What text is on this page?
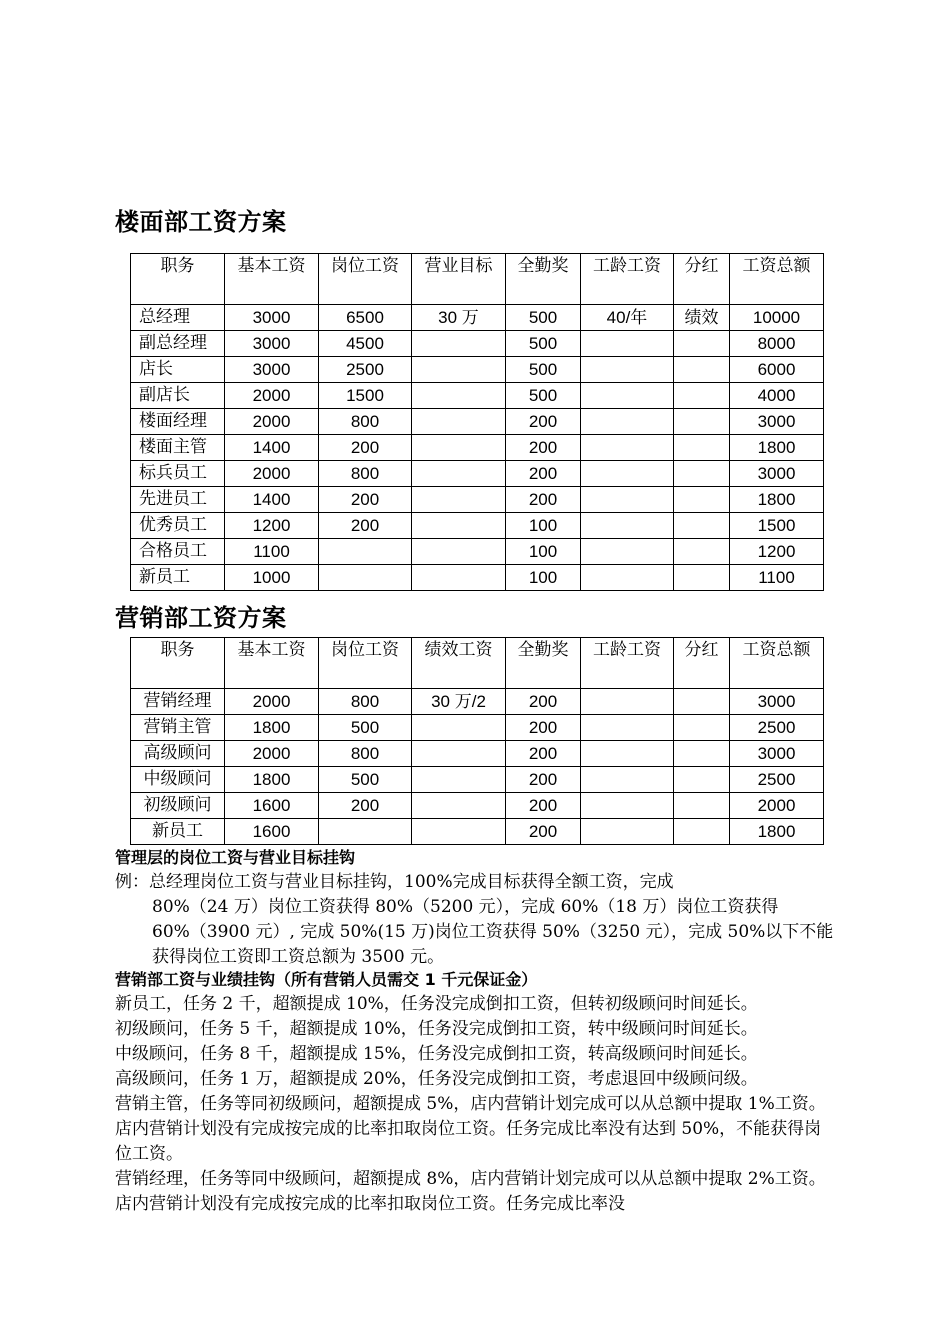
楼面部工资方案
职务	基本工资	岗位工资	营业目标	全勤奖	工龄工资	分红	工资总额
总经理	3000	6500	30 万	500	40/年	绩效	10000
副总经理	3000	4500		500			8000
店长	3000	2500		500			6000
副店长	2000	1500		500			4000
楼面经理	2000	800		200			3000
楼面主管	1400	200		200			1800
标兵员工	2000	800		200			3000
先进员工	1400	200		200			1800
优秀员工	1200	200		100			1500
合格员工	1100			100			1200
新员工	1000			100			1100
营销部工资方案
职务	基本工资	岗位工资	绩效工资	全勤奖	工龄工资	分红	工资总额
营销经理	2000	800	30 万/2	200			3000
营销主管	1800	500		200			2500
高级顾问	2000	800		200			3000
中级顾问	1800	500		200			2500
初级顾问	1600	200		200			2000
新员工	1600			200			1800

管理层的岗位工资与营业目标挂钩

例：总经理岗位工资与营业目标挂钩，100%完成目标获得全额工资，完成
80%（24 万）岗位工资获得 80%（5200 元），完成 60%（18 万）岗位工资获得 60%（3900 元）, 完成 50%(15 万)岗位工资获得 50%（3250 元），完成 50%以下不能获得岗位工资即工资总额为 3500 元。

营销部工资与业绩挂钩（所有营销人员需交 1 千元保证金）

新员工，任务 2 千，超额提成 10%，任务没完成倒扣工资，但转初级顾问时间延长。

初级顾问，任务 5 千，超额提成 10%，任务没完成倒扣工资，转中级顾问时间延长。

中级顾问，任务 8 千，超额提成 15%，任务没完成倒扣工资，转高级顾问时间延长。

高级顾问，任务 1 万，超额提成 20%，任务没完成倒扣工资，考虑退回中级顾问级。

营销主管，任务等同初级顾问，超额提成 5%，店内营销计划完成可以从总额中提取 1%工资。店内营销计划没有完成按完成的比率扣取岗位工资。任务完成比率没有达到 50%，不能获得岗位工资。

营销经理，任务等同中级顾问，超额提成 8%，店内营销计划完成可以从总额中提取 2%工资。店内营销计划没有完成按完成的比率扣取岗位工资。任务完成比率没
